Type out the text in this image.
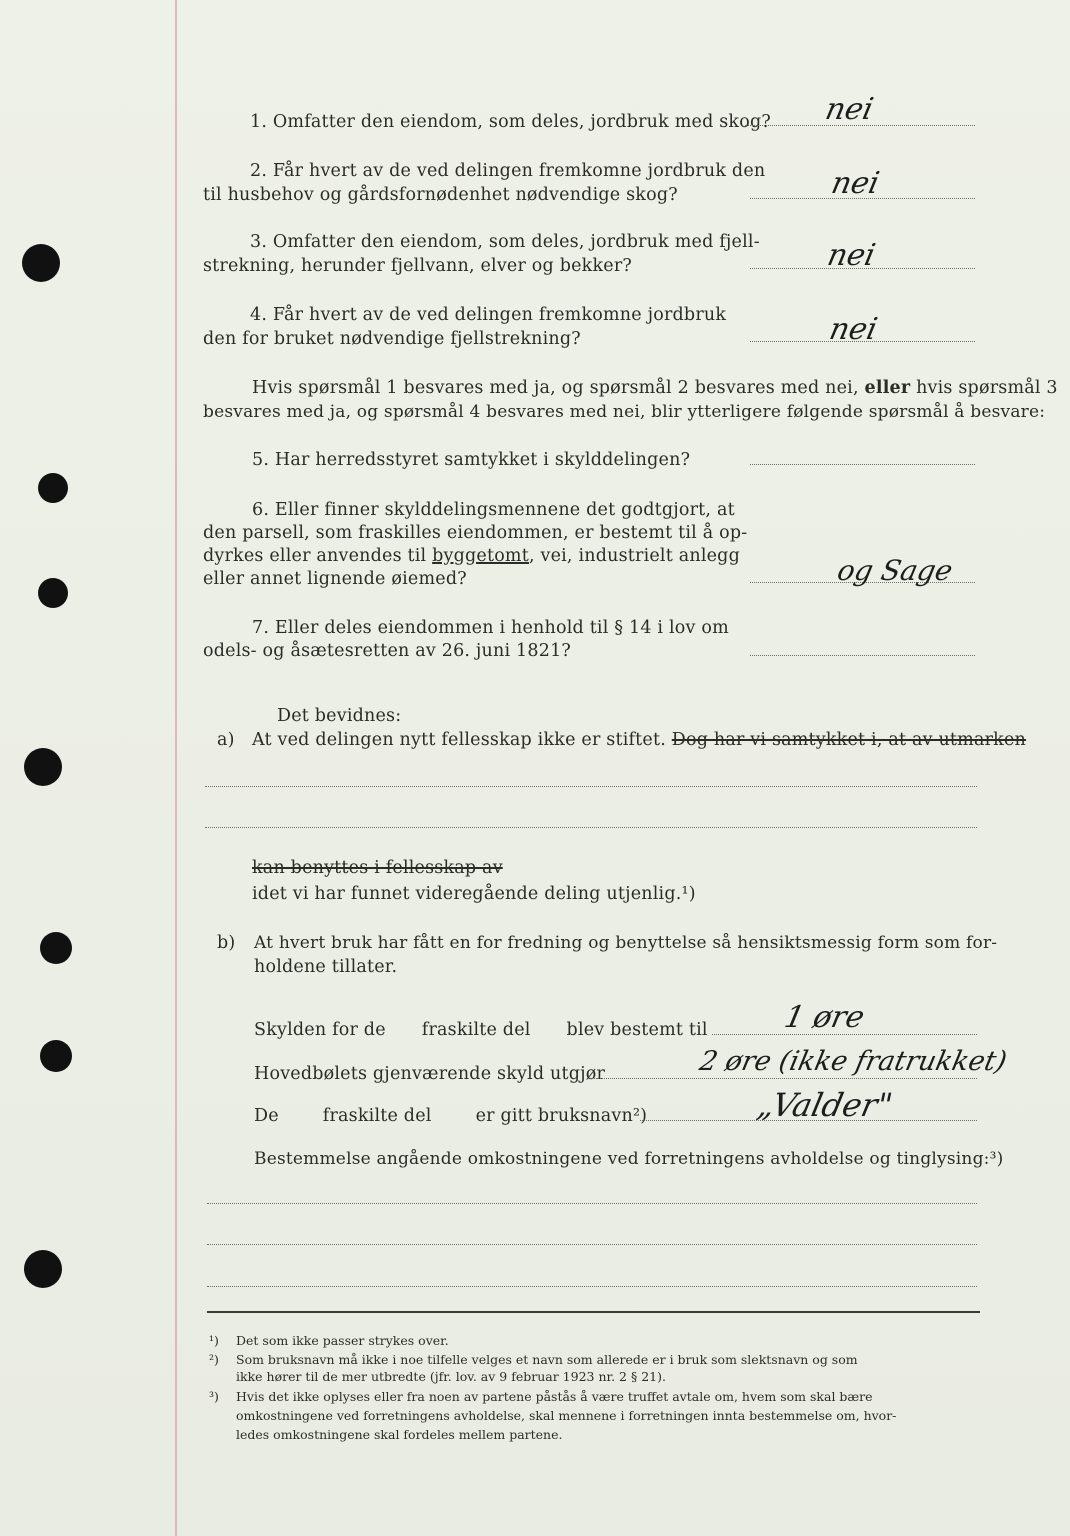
1. Omfatter den eiendom, som deles, jordbruk med skog? nei
2. Får hvert av de ved delingen fremkomne jordbruk den
til husbehov og gårdsfornødenhet nødvendige skog?	nei
3. Omfatter den eiendom, som deles, jordbruk med fjell-
strekning, herunder fjellvann, elver og bekker?	nei
4. Får hvert av de ved delingen fremkomne jordbruk
den for bruket nødvendige fjellstrekning?	nei
Hvis spørsmål 1 besvares med ja, og spørsmål 2 besvares med nei, eller hvis spørsmål 3
besvares med ja, og spørsmål 4 besvares med nei, blir ytterligere følgende spørsmål å besvare:
5. Har herredsstyret samtykket i skylddelingen?
6. Eller finner skylddelingsmennene det godtgjort, at
den parsell, som fraskilles eiendommen, er bestemt til å op-
dyrkes eller anvendes til byggetomt, vei, industrielt anlegg
eller annet lignende øiemed?	og Sage
7. Eller deles eiendommen i henhold til § 14 i lov om
odels- og åsætesretten av 26. juni 1821?
Det bevidnes:
a) At ved delingen nytt fellesskap ikke er stiftet. Dog har vi samtykket i, at av utmarken
kan benyttes i fellesskap av
idet vi har funnet videregående deling utjenlig.¹)
b) At hvert bruk har fått en for fredning og benyttelse så hensiktsmessig form som for-
holdene tillater.
Skylden for de fraskilte del blev bestemt til 1 øre
Hovedbølets gjenværende skyld utgjør	2 øre (ikke fratrukket)
De	fraskilte del	er gitt bruksnavn²)	„Valder"
Bestemmelse angående omkostningene ved forretningens avholdelse og tinglysing:³)
¹) Det som ikke passer strykes over.
²) Som bruksnavn må ikke i noe tilfelle velges et navn som allerede er i bruk som slektsnavn og som
ikke hører til de mer utbredte (jfr. lov. av 9 februar 1923 nr. 2 § 21).
³) Hvis det ikke oplyses eller fra noen av partene påstås å være truffet avtale om, hvem som skal bære
omkostningene ved forretningens avholdelse, skal mennene i forretningen innta bestemmelse om, hvor-
ledes omkostningene skal fordeles mellem partene.
